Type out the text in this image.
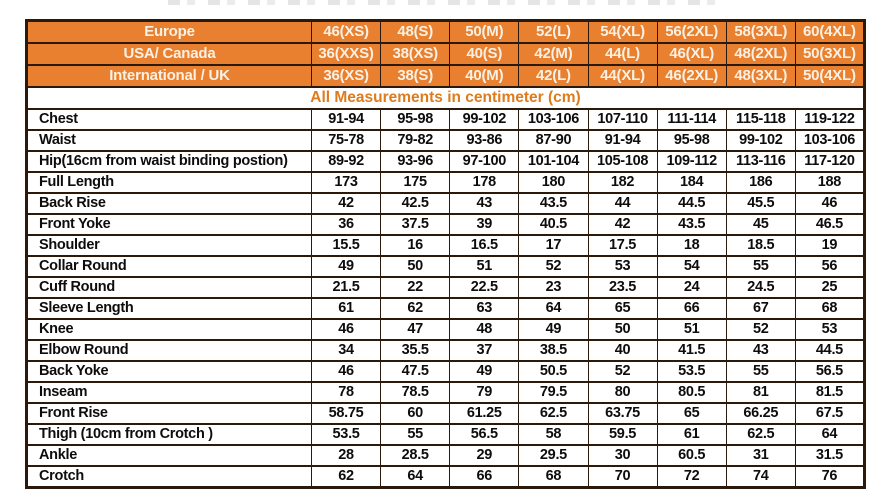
Europe	46(XS)	48(S)	50(M)	52(L)	54(XL)	56(2XL)	58(3XL)	60(4XL)
USA/ Canada	36(XXS)	38(XS)	40(S)	42(M)	44(L)	46(XL)	48(2XL)	50(3XL)
International / UK	36(XS)	38(S)	40(M)	42(L)	44(XL)	46(2XL)	48(3XL)	50(4XL)
All Measurements in centimeter (cm)								
Chest	91-94	95-98	99-102	103-106	107-110	111-114	115-118	119-122
Waist	75-78	79-82	93-86	87-90	91-94	95-98	99-102	103-106
Hip(16cm from waist binding postion)	89-92	93-96	97-100	101-104	105-108	109-112	113-116	117-120
Full Length	173	175	178	180	182	184	186	188
Back Rise	42	42.5	43	43.5	44	44.5	45.5	46
Front Yoke	36	37.5	39	40.5	42	43.5	45	46.5
Shoulder	15.5	16	16.5	17	17.5	18	18.5	19
Collar Round	49	50	51	52	53	54	55	56
Cuff Round	21.5	22	22.5	23	23.5	24	24.5	25
Sleeve Length	61	62	63	64	65	66	67	68
Knee	46	47	48	49	50	51	52	53
Elbow Round	34	35.5	37	38.5	40	41.5	43	44.5
Back Yoke	46	47.5	49	50.5	52	53.5	55	56.5
Inseam	78	78.5	79	79.5	80	80.5	81	81.5
Front Rise	58.75	60	61.25	62.5	63.75	65	66.25	67.5
Thigh (10cm from Crotch )	53.5	55	56.5	58	59.5	61	62.5	64
Ankle	28	28.5	29	29.5	30	60.5	31	31.5
Crotch	62	64	66	68	70	72	74	76
